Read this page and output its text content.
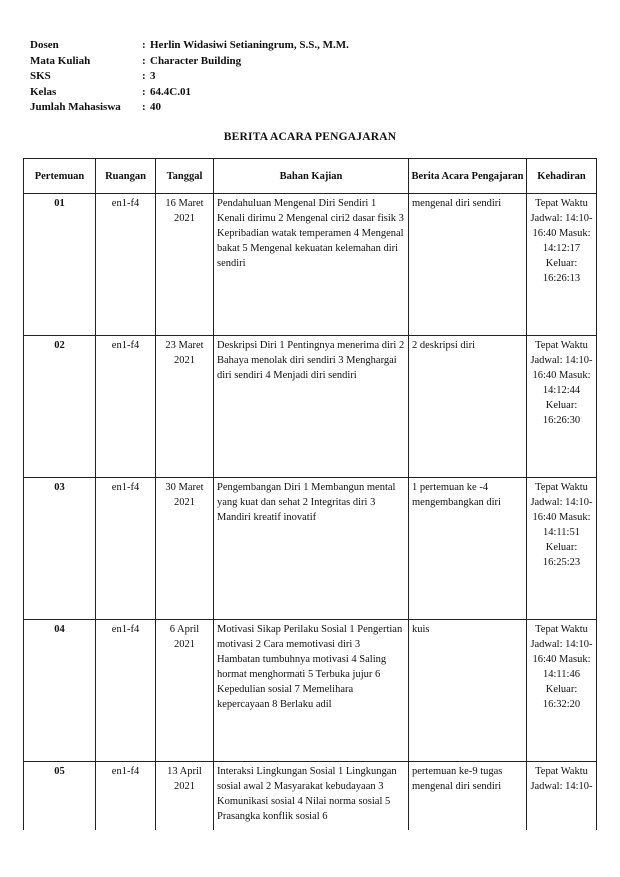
Dosen	: Herlin Widasiwi Setianingrum, S.S., M.M.
Mata Kuliah	: Character Building
SKS	: 3
Kelas	: 64.4C.01
Jumlah Mahasiswa	: 40
BERITA ACARA PENGAJARAN
Pertemuan	Ruangan	Tanggal	Bahan Kajian	Berita Acara Pengajaran	Kehadiran
01	en1-f4	16 Maret 2021	Pendahuluan Mengenal Diri Sendiri 1 Kenali dirimu 2 Mengenal ciri2 dasar fisik 3 Kepribadian watak temperamen 4 Mengenal bakat 5 Mengenal kekuatan kelemahan diri sendiri	mengenal diri sendiri	Tepat Waktu Jadwal: 14:10- 16:40 Masuk: 14:12:17 Keluar: 16:26:13
02	en1-f4	23 Maret 2021	Deskripsi Diri 1 Pentingnya menerima diri 2 Bahaya menolak diri sendiri 3 Menghargai diri sendiri 4 Menjadi diri sendiri	2 deskripsi diri	Tepat Waktu Jadwal: 14:10- 16:40 Masuk: 14:12:44 Keluar: 16:26:30
03	en1-f4	30 Maret 2021	Pengembangan Diri 1 Membangun mental yang kuat dan sehat 2 Integritas diri 3 Mandiri kreatif inovatif	1 pertemuan ke -4 mengembangkan diri	Tepat Waktu Jadwal: 14:10- 16:40 Masuk: 14:11:51 Keluar: 16:25:23
04	en1-f4	6 April 2021	Motivasi Sikap Perilaku Sosial 1 Pengertian motivasi 2 Cara memotivasi diri 3 Hambatan tumbuhnya motivasi 4 Saling hormat menghormati 5 Terbuka jujur 6 Kepedulian sosial 7 Memelihara kepercayaan 8 Berlaku adil	kuis	Tepat Waktu Jadwal: 14:10- 16:40 Masuk: 14:11:46 Keluar: 16:32:20
05	en1-f4	13 April 2021	Interaksi Lingkungan Sosial 1 Lingkungan sosial awal 2 Masyarakat kebudayaan 3 Komunikasi sosial 4 Nilai norma sosial 5 Prasangka konflik sosial 6	pertemuan ke-9 tugas mengenal diri sendiri	Tepat Waktu Jadwal: 14:10-
